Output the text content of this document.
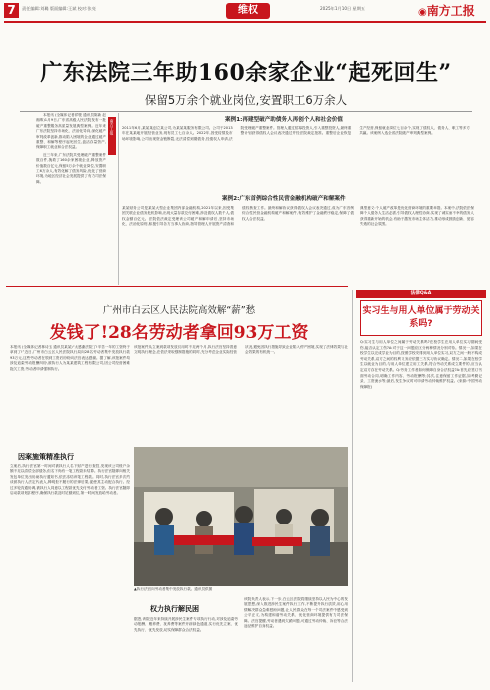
7	责任编辑:刘璐 版面编辑:王斌 校对:张亮	维权	2025年1月10日 星期五	◉南方工报
广东法院三年助160余家企业“起死回生”
保留5万余个就业岗位,安置职工6万余人

本报讯 (全媒体记者祥骏 通讯员陈新 赵湘珠)1月9日,广东省高级人民法院发布一批破产重整服务高质量发展典型案例。近年来广东法院坚持市场化、法治化导向,深化破产审判改革创新,推动陷入困境的企业通过破产重整、和解等程序起死回生,盘活存量资产,保障职工就业和合法权益。

近三年来,广东法院共受理破产重整案件数百件,挽救了160余家困境企业,释放资产价值数百亿元,保留5万余个就业岗位,安置职工6万余人,有效化解了债务风险,优化了营商环境,为地区经济社会发展提供了有力司法保障。

南方工报	案例1:再建型破产助债务人再创个人和社会价值
2011年6月,某某某创立某公司,为某某某服务有限公司。公司于2013年在某某地开展经营业务,现有员工七百余人。2022年,因受疫情及市场环境影响,公司出现资金链断裂,无法清偿到期债务,经债权人申请,法院受理破产重整案件。管理人通过招募投资人,引入重整投资人,最终重整计划获得债权人会议表决通过并经法院裁定批准。重整后企业恢复生产经营,保留就业岗位七百余个,实现了债权人、债务人、职工等多方共赢。该案例入选全省法院破产审判典型案例。
案例2:广东首例综合性民营金融机构破产和解案件
某某财务公司是某某大型企业集团内部金融机构,2021年以来,因受集团关联企业债务危机影响,出现大量存款兑付困难,涉及债权人数千人,债权金额百亿元。法院依法裁定受理该公司破产和解申请后,坚持市场化、法治化原则,积极引导各方当事人协商,指导管理人开展资产清查和债权核查工作。最终和解协议获得债权人会议表决通过,成为广东首例综合性民营金融机构破产和解案件,有效维护了金融秩序稳定,保障了债权人合法权益。
典型意义:个人破产改革是优化营商环境的重要举措。本案中,法院依法保障个人债务人生活必需,引导债权人理性协商,实现了诚实而不幸的债务人获得重新开始的机会,有助于激发市场主体活力,推动形成鼓励创新、宽容失败的社会氛围。
法律Q&A
实习生与用人单位属于劳动关系吗?
Q:实习生与用人单位之间属于劳动关系吗?在校学生在用人单位实习期间受伤,能否认定工伤?A:对于这一问题应区分两种情况分别对待。情况一,如果在校学生以完成学业为目的,按照学校安排到用人单位实习,双方之间一般不构成劳动关系,双方之间的权利义务应依据三方实习协议确定。情况二,如果在校学生以就业为目的,与用人单位建立用工关系,符合劳动关系成立要件的,应当认定双方存在劳动关系。Q:劳务工作者如何保障自身合法权益?A:首先应签订书面劳动合同,明确工作内容、劳动报酬等;其次,注意保留工作证据,如考勤记录、工资流水等;最后,发生争议时可申请劳动仲裁维护权益。(来源:中国劳动保障报)
广州市白云区人民法院高效解“薪”愁
发钱了!28名劳动者拿回93万工资
本报讯 (全媒体记者林诗玉 通讯员某某)“太感谢法院了!辛苦一年的工资终于拿到了!”近日,广州市白云区人民法院执行局向28名劳动者集中发放执行款93万元,这些劳动者在领到工资后纷纷向法官表达感谢。据了解,该批案件均涉及追索劳动报酬纠纷,被执行人为某某建筑工程有限公司,因公司经营困难拖欠工资,劳动者申请强制执行。
因案施策精准执行
立案后,执行法官第一时间对被执行人名下财产进行查控,发现该公司账户余额不足以清偿全部债务,但名下尚有一笔工程款未结算。执行法官随即向相关发包单位发出协助执行通知书,依法冻结该笔工程款。同时,执行法官多次约谈被执行人法定代表人,释明拒不履行的法律后果,促使其主动配合执行。经过多轮沟通协调,被执行人同意以工程款优先支付劳动者工资。执行法官随即启动款项划扣程序,确保执行款及时足额到位,第一时间发放给劳动者。
该批案件从立案到款项发放仅用时不足两个月,执行法官坚持善意文明执行理念,在依法采取强制措施的同时,充分考虑企业实际经营状况,避免因执行措施导致企业陷入停产困境,实现了法律效果与社会效果的有机统一。
▲执行法官向劳动者集中发放执行款。通讯员供图
权力执行解民困
据悉,该院近年来持续开展涉民生案件专项执行行动,对涉及追索劳动报酬、赡养费、抚养费等案件开辟绿色通道,实行优先立案、优先执行、优先发放,切实保障群众合法权益。
该院负责人表示,下一步,白云区法院将继续坚持以人民为中心的发展思想,深入推进涉民生案件执行工作,不断提升执行质效,用心用情解决群众急难愁盼问题,让人民群众在每一个司法案件中感受到公平正义,为构建和谐劳动关系、优化营商环境提供有力司法保障。法官提醒,劳动者遇到欠薪问题,可通过劳动仲裁、诉讼等合法途径维护自身权益。
